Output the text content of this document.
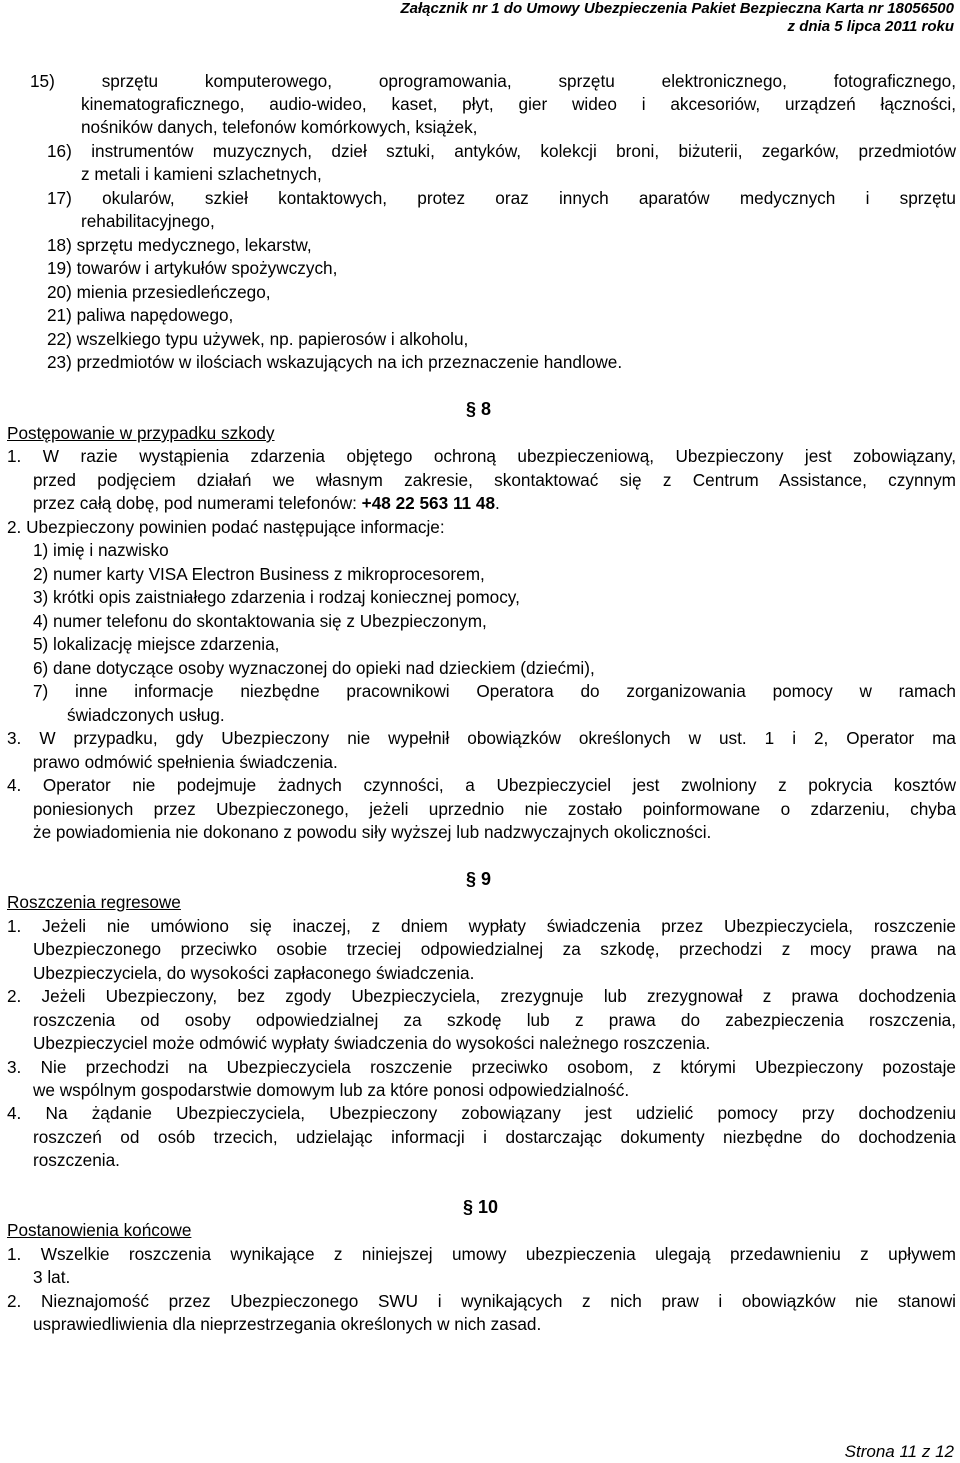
Załącznik nr 1 do Umowy Ubezpieczenia Pakiet Bezpieczna Karta nr 18056500
z dnia 5 lipca 2011 roku
15) sprzętu komputerowego, oprogramowania, sprzętu elektronicznego, fotograficznego,
kinematograficznego, audio-wideo, kaset, płyt, gier wideo i akcesoriów, urządzeń łączności,
nośników danych, telefonów komórkowych, książek,
16) instrumentów muzycznych, dzieł sztuki, antyków, kolekcji broni, biżuterii, zegarków, przedmiotów
z metali i kamieni szlachetnych,
17) okularów, szkieł kontaktowych, protez oraz innych aparatów medycznych i sprzętu
rehabilitacyjnego,
18) sprzętu medycznego, lekarstw,
19) towarów i artykułów spożywczych,
20) mienia przesiedleńczego,
21) paliwa napędowego,
22) wszelkiego typu używek, np. papierosów i alkoholu,
23) przedmiotów w ilościach wskazujących na ich przeznaczenie handlowe.
§ 8
Postępowanie w przypadku szkody
1. W razie wystąpienia zdarzenia objętego ochroną ubezpieczeniową, Ubezpieczony jest zobowiązany,
przed podjęciem działań we własnym zakresie, skontaktować się z Centrum Assistance, czynnym
przez całą dobę, pod numerami telefonów: +48 22 563 11 48.
2. Ubezpieczony powinien podać następujące informacje:
1) imię i nazwisko
2) numer karty VISA Electron Business z mikroprocesorem,
3) krótki opis zaistniałego zdarzenia i rodzaj koniecznej pomocy,
4) numer telefonu do skontaktowania się z Ubezpieczonym,
5) lokalizację miejsce zdarzenia,
6) dane dotyczące osoby wyznaczonej do opieki nad dzieckiem (dziećmi),
7) inne informacje niezbędne pracownikowi Operatora do zorganizowania pomocy w ramach
świadczonych usług.
3. W przypadku, gdy Ubezpieczony nie wypełnił obowiązków określonych w ust. 1 i 2, Operator ma
prawo odmówić spełnienia świadczenia.
4. Operator nie podejmuje żadnych czynności, a Ubezpieczyciel jest zwolniony z pokrycia kosztów
poniesionych przez Ubezpieczonego, jeżeli uprzednio nie zostało poinformowane o zdarzeniu, chyba
że powiadomienia nie dokonano z powodu siły wyższej lub nadzwyczajnych okoliczności.
§ 9
Roszczenia regresowe
1. Jeżeli nie umówiono się inaczej, z dniem wypłaty świadczenia przez Ubezpieczyciela, roszczenie
Ubezpieczonego przeciwko osobie trzeciej odpowiedzialnej za szkodę, przechodzi z mocy prawa na
Ubezpieczyciela, do wysokości zapłaconego świadczenia.
2. Jeżeli Ubezpieczony, bez zgody Ubezpieczyciela, zrezygnuje lub zrezygnował z prawa dochodzenia
roszczenia od osoby odpowiedzialnej za szkodę lub z prawa do zabezpieczenia roszczenia,
Ubezpieczyciel może odmówić wypłaty świadczenia do wysokości należnego roszczenia.
3. Nie przechodzi na Ubezpieczyciela roszczenie przeciwko osobom, z którymi Ubezpieczony pozostaje
we wspólnym gospodarstwie domowym lub za które ponosi odpowiedzialność.
4. Na żądanie Ubezpieczyciela, Ubezpieczony zobowiązany jest udzielić pomocy przy dochodzeniu
roszczeń od osób trzecich, udzielając informacji i dostarczając dokumenty niezbędne do dochodzenia
roszczenia.
§ 10
Postanowienia końcowe
1. Wszelkie roszczenia wynikające z niniejszej umowy ubezpieczenia ulegają przedawnieniu z upływem
3 lat.
2. Nieznajomość przez Ubezpieczonego SWU i wynikających z nich praw i obowiązków nie stanowi
usprawiedliwienia dla nieprzestrzegania określonych w nich zasad.
Strona 11 z 12
